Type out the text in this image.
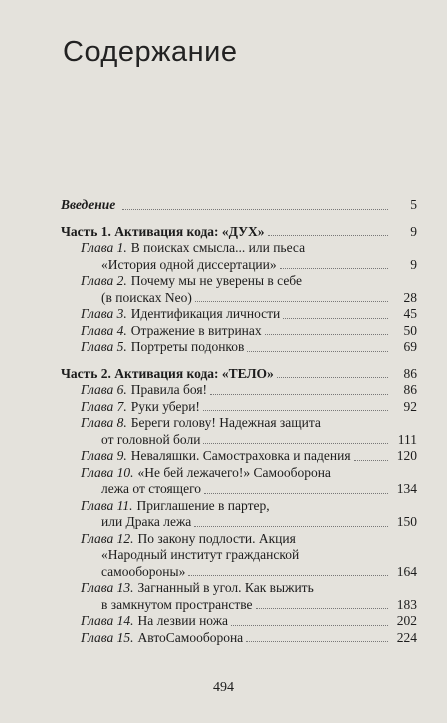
Содержание
Введение	5
Часть 1. Активация кода: «ДУХ»	9
Глава 1. В поисках смысла... или пьеса
«История одной диссертации»	9
Глава 2. Почему мы не уверены в себе
(в поисках Neo)	28
Глава 3. Идентификация личности	45
Глава 4. Отражение в витринах	50
Глава 5. Портреты подонков	69
Часть 2. Активация кода: «ТЕЛО»	86
Глава 6. Правила боя!	86
Глава 7. Руки убери!	92
Глава 8. Береги голову! Надежная защита
от головной боли	111
Глава 9. Неваляшки. Самостраховка и падения	120
Глава 10. «Не бей лежачего!» Самооборона
лежа от стоящего	134
Глава 11. Приглашение в партер,
или Драка лежа	150
Глава 12. По закону подлости. Акция
«Народный институт гражданской
самообороны»	164
Глава 13. Загнанный в угол. Как выжить
в замкнутом пространстве	183
Глава 14. На лезвии ножа	202
Глава 15. АвтоСамооборона	224
494
